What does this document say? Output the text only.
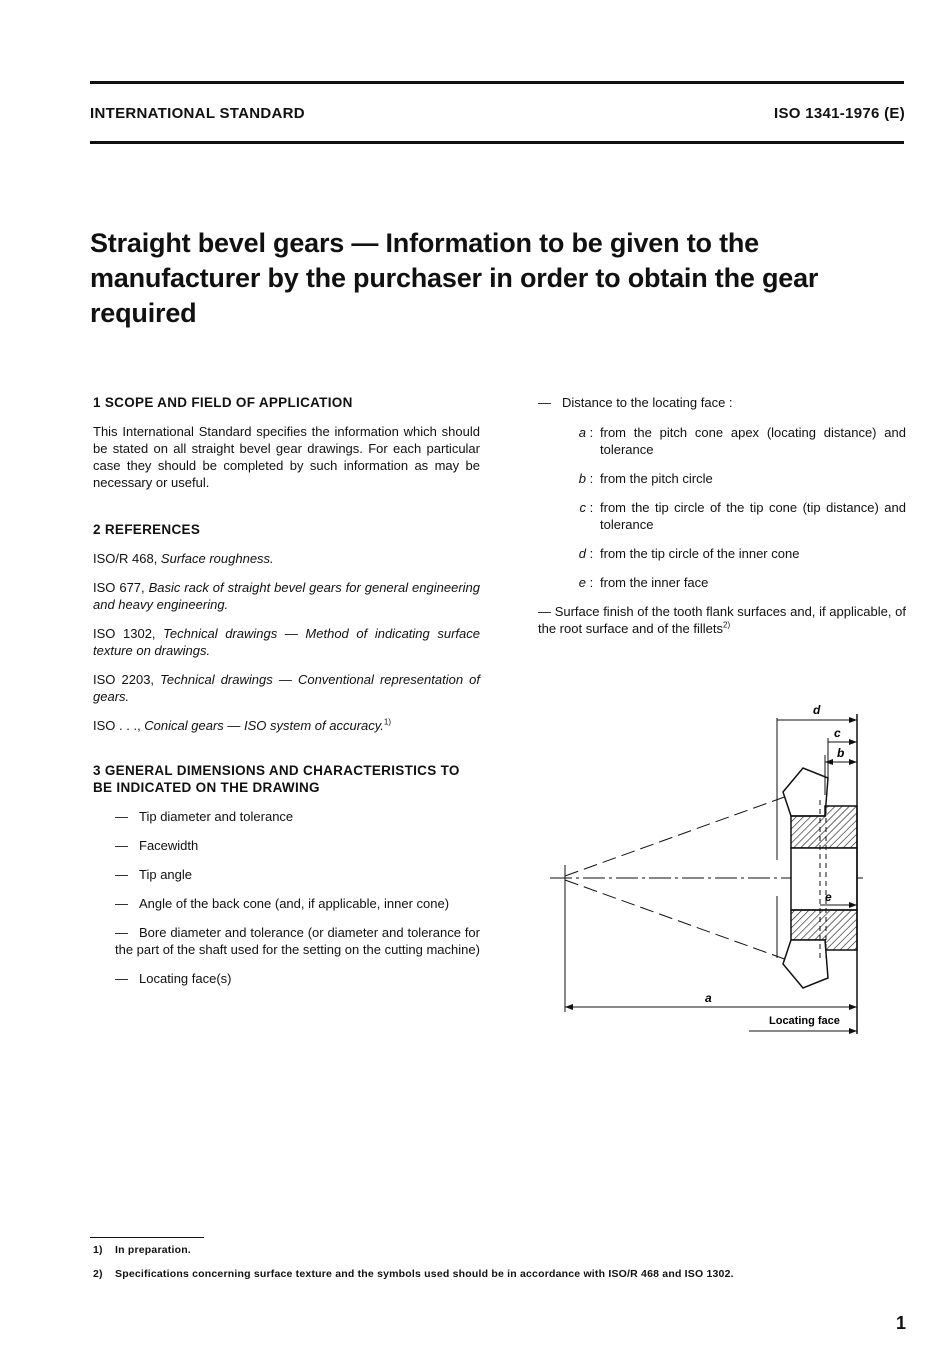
INTERNATIONAL STANDARD	ISO 1341-1976 (E)
Straight bevel gears — Information to be given to the manufacturer by the purchaser in order to obtain the gear required
1 SCOPE AND FIELD OF APPLICATION

This International Standard specifies the information which should be stated on all straight bevel gear drawings. For each particular case they should be completed by such information as may be necessary or useful.

2 REFERENCES
ISO/R 468, Surface roughness.
ISO 677, Basic rack of straight bevel gears for general engineering and heavy engineering.
ISO 1302, Technical drawings — Method of indicating surface texture on drawings.
ISO 2203, Technical drawings — Conventional representation of gears.
ISO . . ., Conical gears — ISO system of accuracy.$^{1)}$
3 GENERAL DIMENSIONS AND CHARACTERISTICS TO BE INDICATED ON THE DRAWING
— Tip diameter and tolerance
— Facewidth
— Tip angle
— Angle of the back cone (and, if applicable, inner cone)
— Bore diameter and tolerance (or diameter and tolerance for the part of the shaft used for the setting on the cutting machine)
— Locating face(s)
— Distance to the locating face :
a : from the pitch cone apex (locating distance) and tolerance
b : from the pitch circle
c : from the tip circle of the tip cone (tip distance) and tolerance
d : from the tip circle of the inner cone
e : from the inner face

— Surface finish of the tooth flank surfaces and, if applicable, of the root surface and of the fillets$^{2)}$

d
c
b
e
a
Locating face
1) In preparation.
2) Specifications concerning surface texture and the symbols used should be in accordance with ISO/R 468 and ISO 1302.
1
